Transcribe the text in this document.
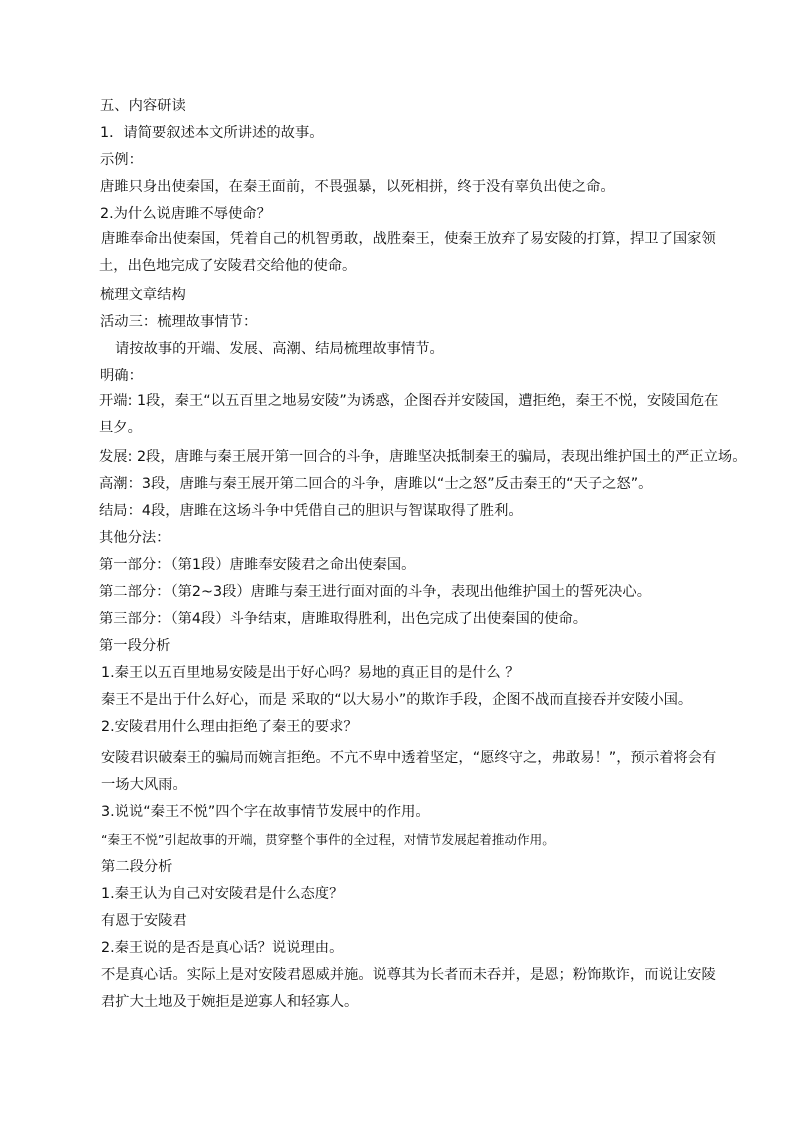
五、内容研读
1．请简要叙述本文所讲述的故事。
示例：
唐雎只身出使秦国，在秦王面前，不畏强暴，以死相拼，终于没有辜负出使之命。
2.为什么说唐雎不辱使命？
唐雎奉命出使秦国，凭着自己的机智勇敢，战胜秦王，使秦王放弃了易安陵的打算，捍卫了国家领土，出色地完成了安陵君交给他的使命。
梳理文章结构
活动三：梳理故事情节：
请按故事的开端、发展、高潮、结局梳理故事情节。
明确：
开端: 1段，秦王“以五百里之地易安陵”为诱惑，企图吞并安陵国，遭拒绝，秦王不悦，安陵国危在旦夕。
发展: 2段，唐雎与秦王展开第一回合的斗争，唐雎坚决抵制秦王的骗局，表现出维护国土的严正立场。
高潮：3段，唐雎与秦王展开第二回合的斗争，唐雎以“士之怒”反击秦王的“天子之怒”。
结局：4段，唐雎在这场斗争中凭借自己的胆识与智谋取得了胜利。
其他分法：
第一部分：（第1段）唐雎奉安陵君之命出使秦国。
第二部分：（第2~3段）唐雎与秦王进行面对面的斗争，表现出他维护国土的誓死决心。
第三部分：（第4段）斗争结束，唐雎取得胜利，出色完成了出使秦国的使命。
第一段分析
1.秦王以五百里地易安陵是出于好心吗？易地的真正目的是什么 ？
秦王不是出于什么好心，而是 采取的“以大易小”的欺诈手段，企图不战而直接吞并安陵小国。
2.安陵君用什么理由拒绝了秦王的要求？
安陵君识破秦王的骗局而婉言拒绝。不亢不卑中透着坚定，“愿终守之，弗敢易！”，预示着将会有一场大风雨。
3.说说“秦王不悦”四个字在故事情节发展中的作用。
“秦王不悦”引起故事的开端，贯穿整个事件的全过程，对情节发展起着推动作用。
第二段分析
1.秦王认为自己对安陵君是什么态度？
有恩于安陵君
2.秦王说的是否是真心话？说说理由。
不是真心话。实际上是对安陵君恩威并施。说尊其为长者而未吞并，是恩；粉饰欺诈，而说让安陵君扩大土地及于婉拒是逆寡人和轻寡人。
